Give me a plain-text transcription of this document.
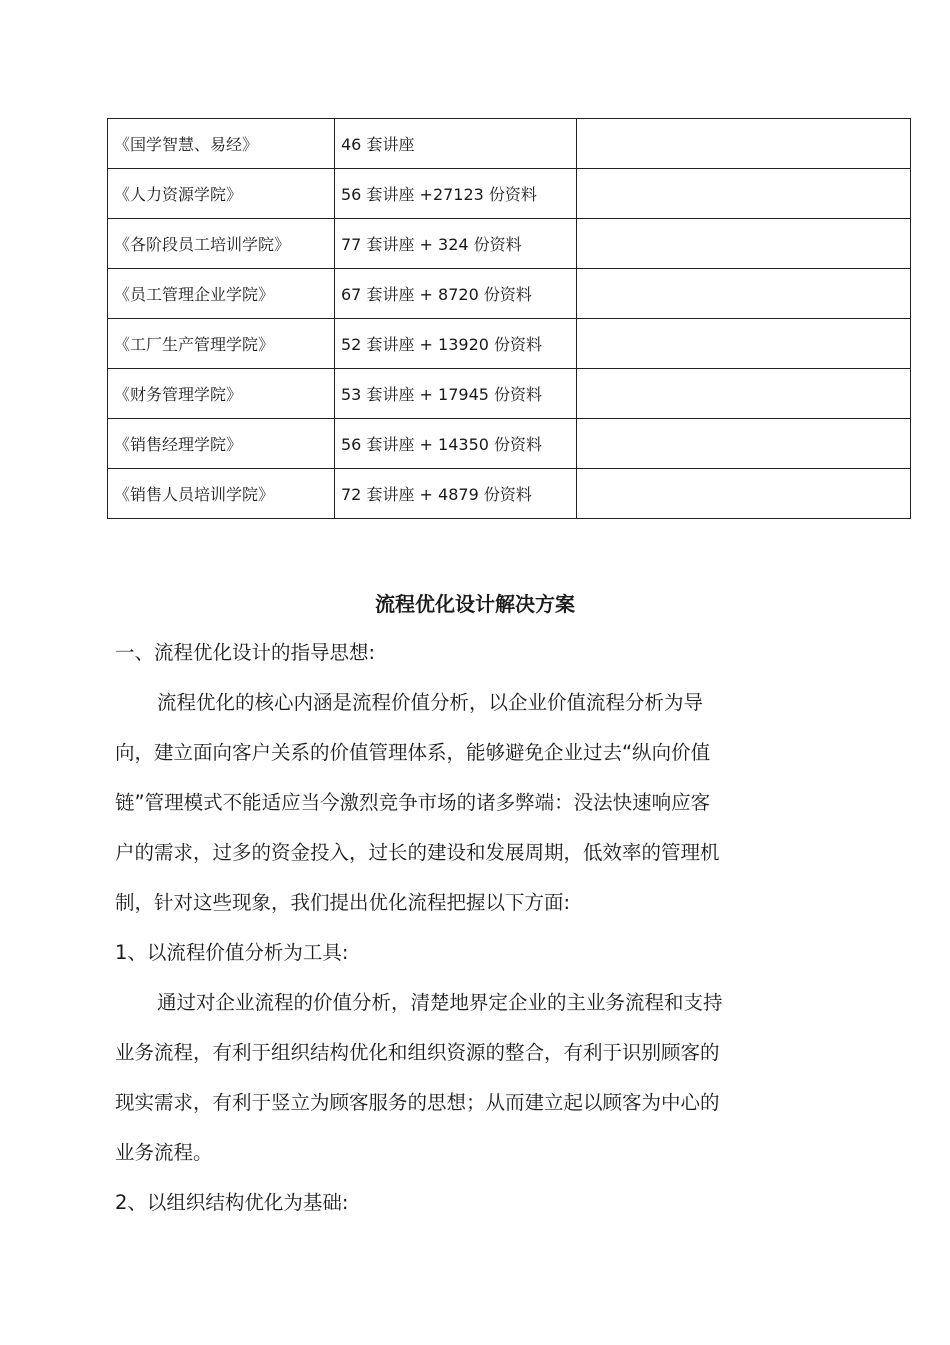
《国学智慧、易经》	46 套讲座	
《人力资源学院》	56 套讲座 +27123 份资料	
《各阶段员工培训学院》	77 套讲座 + 324 份资料	
《员工管理企业学院》	67 套讲座 + 8720 份资料	
《工厂生产管理学院》	52 套讲座 + 13920 份资料	
《财务管理学院》	53 套讲座 + 17945 份资料	
《销售经理学院》	56 套讲座 + 14350 份资料	
《销售人员培训学院》	72 套讲座 + 4879 份资料	
流程优化设计解决方案

一、流程优化设计的指导思想:

流程优化的核心内涵是流程价值分析，以企业价值流程分析为导

向，建立面向客户关系的价值管理体系，能够避免企业过去“纵向价值

链”管理模式不能适应当今激烈竞争市场的诸多弊端：没法快速响应客

户的需求，过多的资金投入，过长的建设和发展周期，低效率的管理机

制，针对这些现象，我们提出优化流程把握以下方面:

1、以流程价值分析为工具:

通过对企业流程的价值分析，清楚地界定企业的主业务流程和支持

业务流程，有利于组织结构优化和组织资源的整合，有利于识别顾客的

现实需求，有利于竖立为顾客服务的思想；从而建立起以顾客为中心的

业务流程。

2、以组织结构优化为基础:
